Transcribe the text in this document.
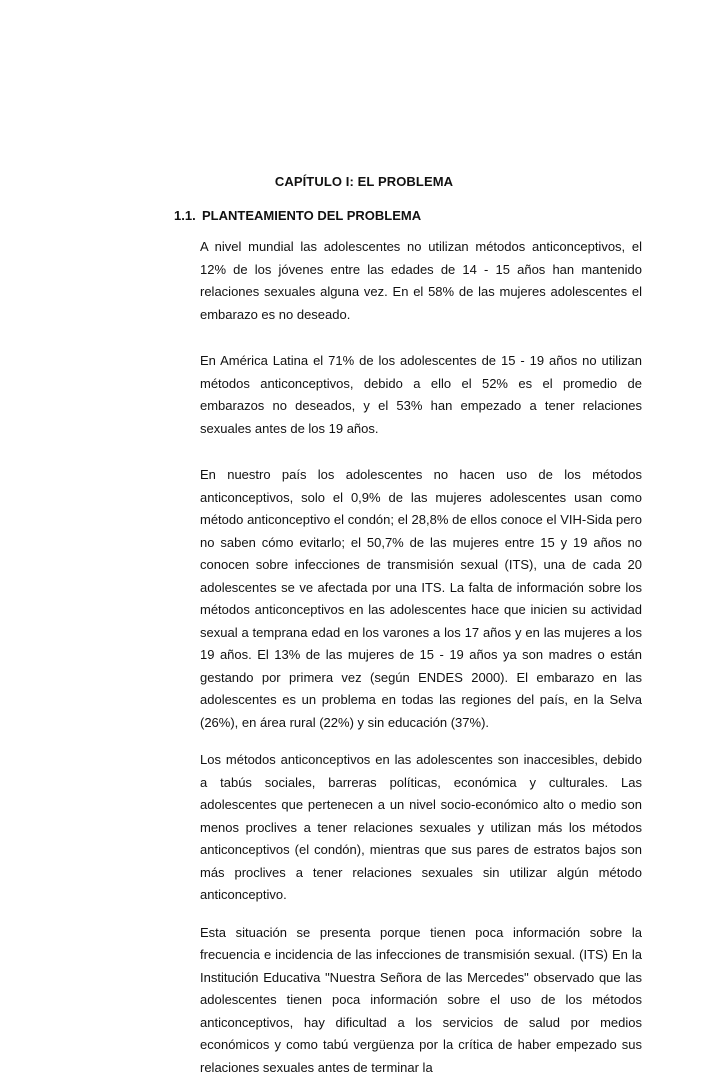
CAPÍTULO I: EL PROBLEMA
1.1. PLANTEAMIENTO DEL PROBLEMA

A nivel mundial las adolescentes no utilizan métodos anticonceptivos, el 12% de los jóvenes entre las edades de 14 - 15 años han mantenido relaciones sexuales alguna vez. En el 58% de las mujeres adolescentes el embarazo es no deseado.

En América Latina el 71% de los adolescentes de 15 - 19 años no utilizan métodos anticonceptivos, debido a ello el 52% es el promedio de embarazos no deseados, y el 53% han empezado a tener relaciones sexuales antes de los 19 años.

En nuestro país los adolescentes no hacen uso de los métodos anticonceptivos, solo el 0,9% de las mujeres adolescentes usan como método anticonceptivo el condón; el 28,8% de ellos conoce el VIH-Sida pero no saben cómo evitarlo; el 50,7% de las mujeres entre 15 y 19 años no conocen sobre infecciones de transmisión sexual (ITS), una de cada 20 adolescentes se ve afectada por una ITS. La falta de información sobre los métodos anticonceptivos en las adolescentes hace que inicien su actividad sexual a temprana edad en los varones a los 17 años y en las mujeres a los 19 años. El 13% de las mujeres de 15 - 19 años ya son madres o están gestando por primera vez (según ENDES 2000). El embarazo en las adolescentes es un problema en todas las regiones del país, en la Selva (26%), en área rural (22%) y sin educación (37%).

Los métodos anticonceptivos en las adolescentes son inaccesibles, debido a tabús sociales, barreras políticas, económica y culturales. Las adolescentes que pertenecen a un nivel socio-económico alto o medio son menos proclives a tener relaciones sexuales y utilizan más los métodos anticonceptivos (el condón), mientras que sus pares de estratos bajos son más proclives a tener relaciones sexuales sin utilizar algún método anticonceptivo.

Esta situación se presenta porque tienen poca información sobre la frecuencia e incidencia de las infecciones de transmisión sexual. (ITS) En la Institución Educativa "Nuestra Señora de las Mercedes" observado que las adolescentes tienen poca información sobre el uso de los métodos anticonceptivos, hay dificultad a los servicios de salud por medios económicos y como tabú vergüenza por la crítica de haber empezado sus relaciones sexuales antes de terminar la
